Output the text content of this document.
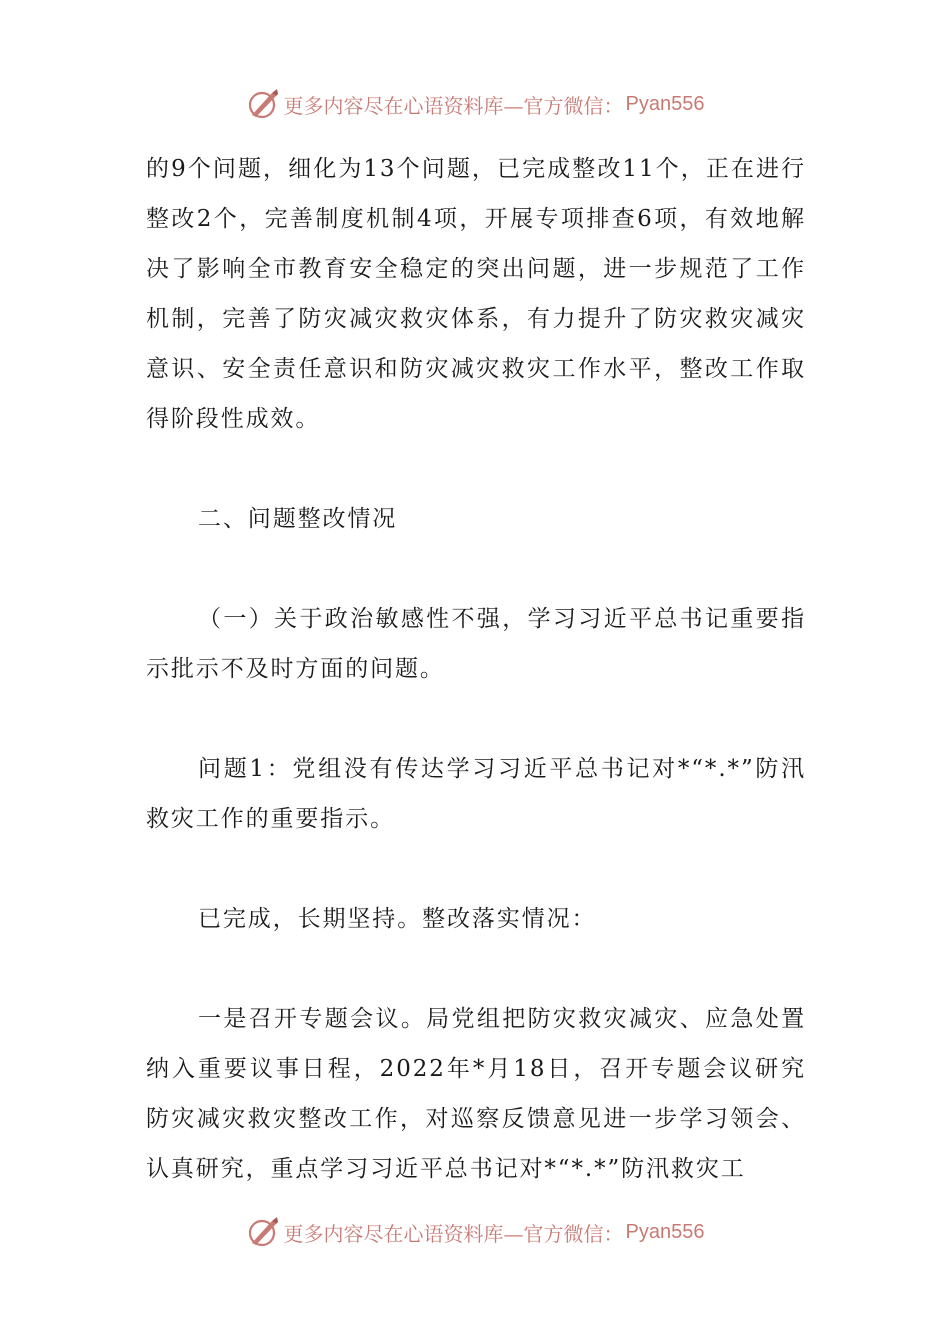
更多内容尽在心语资料库—官方微信： Pyan556

的9个问题，细化为13个问题，已完成整改11个，正在进行整改2个，完善制度机制4项，开展专项排查6项，有效地解决了影响全市教育安全稳定的突出问题，进一步规范了工作机制，完善了防灾减灾救灾体系，有力提升了防灾救灾减灾意识、安全责任意识和防灾减灾救灾工作水平，整改工作取得阶段性成效。

二、问题整改情况

（一）关于政治敏感性不强，学习习近平总书记重要指示批示不及时方面的问题。

问题1：党组没有传达学习习近平总书记对*“*.*”防汛救灾工作的重要指示。

已完成，长期坚持。整改落实情况：

一是召开专题会议。局党组把防灾救灾减灾、应急处置纳入重要议事日程，2022年*月18日，召开专题会议研究防灾减灾救灾整改工作，对巡察反馈意见进一步学习领会、认真研究，重点学习习近平总书记对*“*.*”防汛救灾工

更多内容尽在心语资料库—官方微信： Pyan556
